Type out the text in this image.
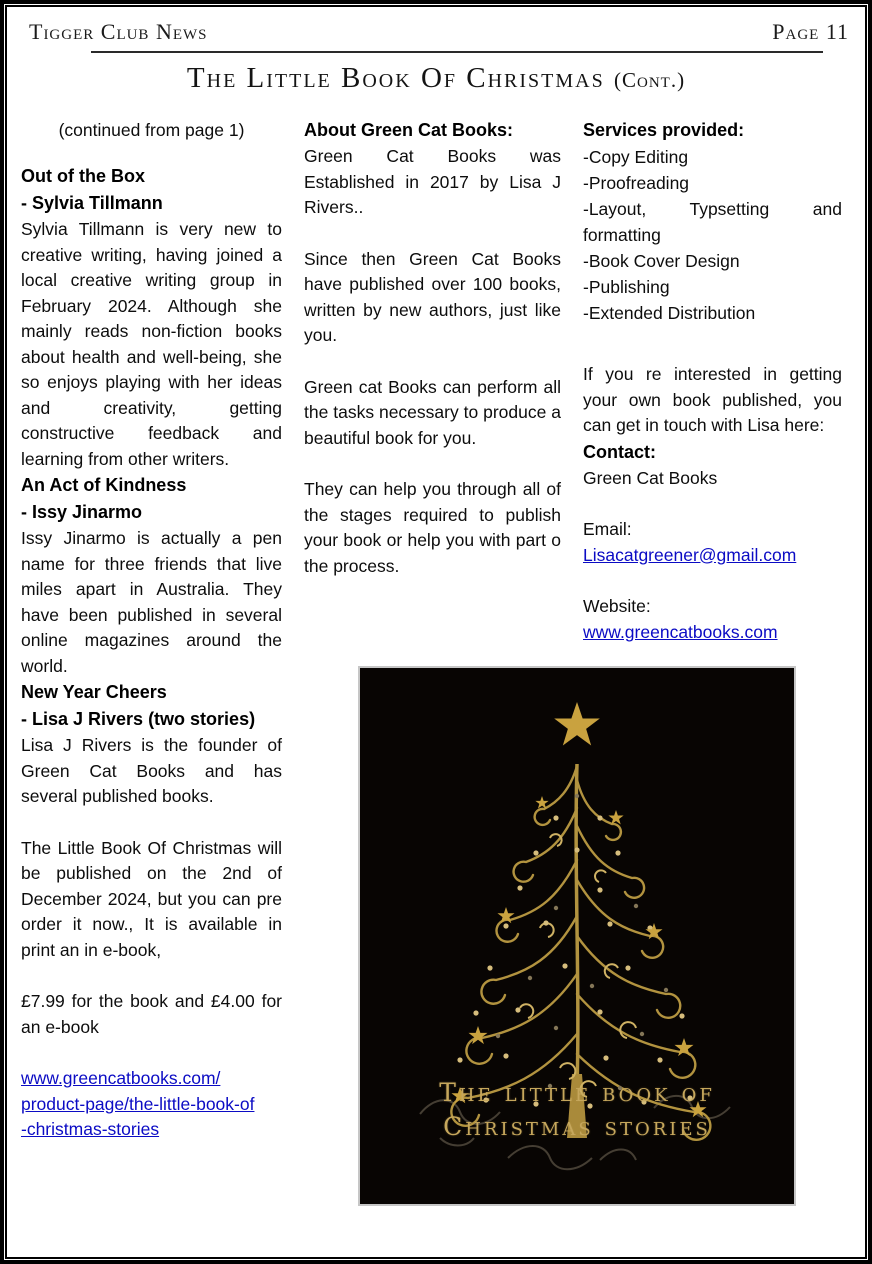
Tigger Club News	Page 11
The Little Book Of Christmas (Cont.)

(continued from page 1)

Out of the Box
- Sylvia Tillmann

Sylvia Tillmann is very new to creative writing, having joined a local creative writing group in February 2024. Although she mainly reads non-fiction books about health and well-being, she so enjoys playing with her ideas and creativity, getting constructive feedback and learning from other writers.

An Act of Kindness
- Issy Jinarmo

Issy Jinarmo is actually a pen name for three friends that live miles apart in Australia. They have been published in several online magazines around the world.

New Year Cheers
- Lisa J Rivers (two stories)

Lisa J Rivers is the founder of Green Cat Books and has several published books.

The Little Book Of Christmas will be published on the 2nd of December 2024, but you can pre order it now., It is available in print an in e-book,

£7.99 for the book and £4.00 for an e-book

www.greencatbooks.com/
product-page/the-little-book-of
-christmas-stories
About Green Cat Books:

Green Cat Books was Established in 2017 by Lisa J Rivers..

Since then Green Cat Books have published over 100 books, written by new authors, just like you.

Green cat Books can perform all the tasks necessary to produce a beautiful book for you.

They can help you through all of the stages required to publish your book or help you with part o the process.

Services provided:
-Copy Editing
-Proofreading
-Layout, Typsetting and formatting
-Book Cover Design
-Publishing
-Extended Distribution

If you re interested in getting your own book published, you can get in touch with Lisa here:

Contact:

Green Cat Books

Email:

Lisacatgreener@gmail.com

Website:

www.greencatbooks.com
The little book of
Christmas stories
